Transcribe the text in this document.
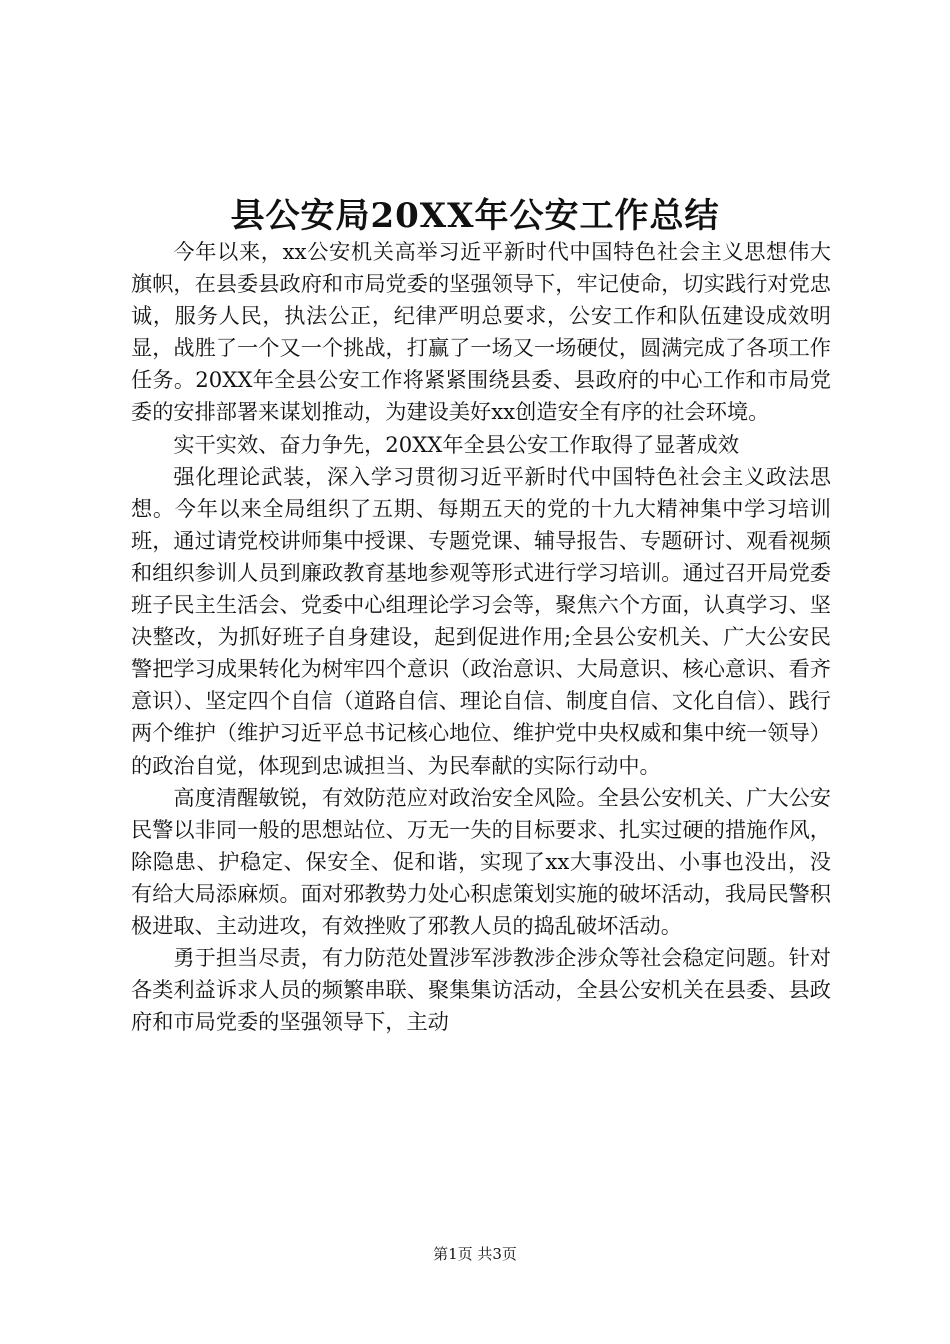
县公安局20XX年公安工作总结

今年以来，xx公安机关高举习近平新时代中国特色社会主义思想伟大旗帜，在县委县政府和市局党委的坚强领导下，牢记使命，切实践行对党忠诚，服务人民，执法公正，纪律严明总要求，公安工作和队伍建设成效明显，战胜了一个又一个挑战，打赢了一场又一场硬仗，圆满完成了各项工作任务。20XX年全县公安工作将紧紧围绕县委、县政府的中心工作和市局党委的安排部署来谋划推动，为建设美好xx创造安全有序的社会环境。

实干实效、奋力争先，20XX年全县公安工作取得了显著成效

强化理论武装，深入学习贯彻习近平新时代中国特色社会主义政法思想。今年以来全局组织了五期、每期五天的党的十九大精神集中学习培训班，通过请党校讲师集中授课、专题党课、辅导报告、专题研讨、观看视频和组织参训人员到廉政教育基地参观等形式进行学习培训。通过召开局党委班子民主生活会、党委中心组理论学习会等，聚焦六个方面，认真学习、坚决整改，为抓好班子自身建设，起到促进作用;全县公安机关、广大公安民警把学习成果转化为树牢四个意识（政治意识、大局意识、核心意识、看齐意识）、坚定四个自信（道路自信、理论自信、制度自信、文化自信）、践行两个维护（维护习近平总书记核心地位、维护党中央权威和集中统一领导）的政治自觉，体现到忠诚担当、为民奉献的实际行动中。

高度清醒敏锐，有效防范应对政治安全风险。全县公安机关、广大公安民警以非同一般的思想站位、万无一失的目标要求、扎实过硬的措施作风，除隐患、护稳定、保安全、促和谐，实现了xx大事没出、小事也没出，没有给大局添麻烦。面对邪教势力处心积虑策划实施的破坏活动，我局民警积极进取、主动进攻，有效挫败了邪教人员的捣乱破坏活动。

勇于担当尽责，有力防范处置涉军涉教涉企涉众等社会稳定问题。针对各类利益诉求人员的频繁串联、聚集集访活动，全县公安机关在县委、县政府和市局党委的坚强领导下，主动

第1页 共3页
